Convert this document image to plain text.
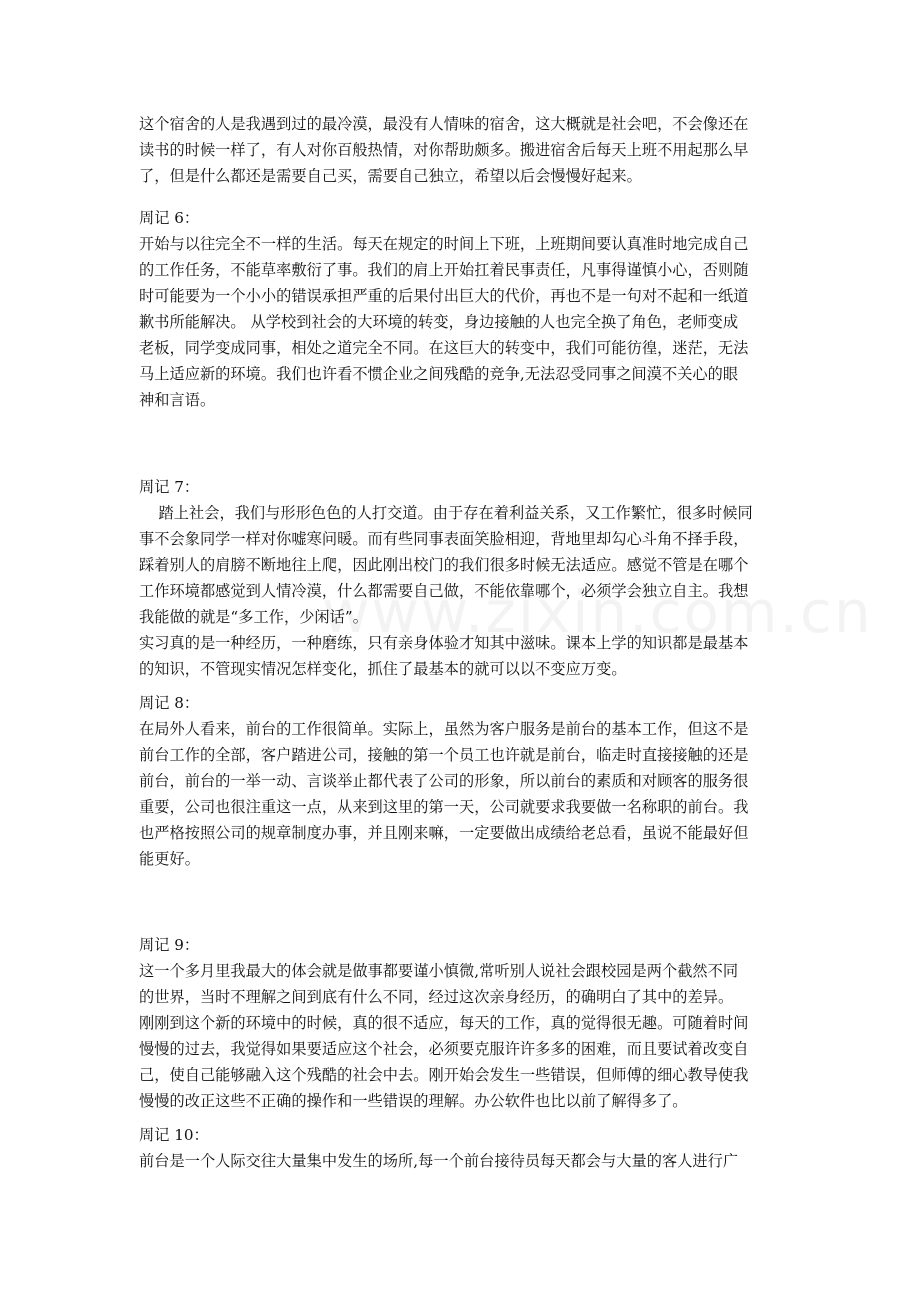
这个宿舍的人是我遇到过的最冷漠，最没有人情味的宿舍，这大概就是社会吧，不会像还在
读书的时候一样了，有人对你百般热情，对你帮助颇多。搬进宿舍后每天上班不用起那么早
了，但是什么都还是需要自己买，需要自己独立，希望以后会慢慢好起来。
周记 6：
开始与以往完全不一样的生活。每天在规定的时间上下班，上班期间要认真准时地完成自己
的工作任务，不能草率敷衍了事。我们的肩上开始扛着民事责任，凡事得谨慎小心，否则随
时可能要为一个小小的错误承担严重的后果付出巨大的代价，再也不是一句对不起和一纸道
歉书所能解决。 从学校到社会的大环境的转变，身边接触的人也完全换了角色，老师变成
老板，同学变成同事，相处之道完全不同。在这巨大的转变中，我们可能彷徨，迷茫，无法
马上适应新的环境。我们也许看不惯企业之间残酷的竞争,无法忍受同事之间漠不关心的眼
神和言语。
周记 7：
踏上社会，我们与形形色色的人打交道。由于存在着利益关系，又工作繁忙，很多时候同
事不会象同学一样对你嘘寒问暖。而有些同事表面笑脸相迎，背地里却勾心斗角不择手段，
踩着别人的肩膀不断地往上爬，因此刚出校门的我们很多时候无法适应。感觉不管是在哪个
工作环境都感觉到人情冷漠，什么都需要自己做，不能依靠哪个，必须学会独立自主。我想
我能做的就是“多工作，少闲话”。
实习真的是一种经历，一种磨练，只有亲身体验才知其中滋味。课本上学的知识都是最基本
的知识，不管现实情况怎样变化，抓住了最基本的就可以以不变应万变。
周记 8：
在局外人看来，前台的工作很简单。实际上，虽然为客户服务是前台的基本工作，但这不是
前台工作的全部，客户踏进公司，接触的第一个员工也许就是前台，临走时直接接触的还是
前台，前台的一举一动、言谈举止都代表了公司的形象，所以前台的素质和对顾客的服务很
重要，公司也很注重这一点，从来到这里的第一天，公司就要求我要做一名称职的前台。我
也严格按照公司的规章制度办事，并且刚来嘛，一定要做出成绩给老总看，虽说不能最好但
能更好。
周记 9：
这一个多月里我最大的体会就是做事都要谨小慎微,常听别人说社会跟校园是两个截然不同
的世界，当时不理解之间到底有什么不同，经过这次亲身经历，的确明白了其中的差异。
刚刚到这个新的环境中的时候，真的很不适应，每天的工作，真的觉得很无趣。可随着时间
慢慢的过去，我觉得如果要适应这个社会，必须要克服许许多多的困难，而且要试着改变自
己，使自己能够融入这个残酷的社会中去。刚开始会发生一些错误，但师傅的细心教导使我
慢慢的改正这些不正确的操作和一些错误的理解。办公软件也比以前了解得多了。
周记 10：
前台是一个人际交往大量集中发生的场所,每一个前台接待员每天都会与大量的客人进行广
